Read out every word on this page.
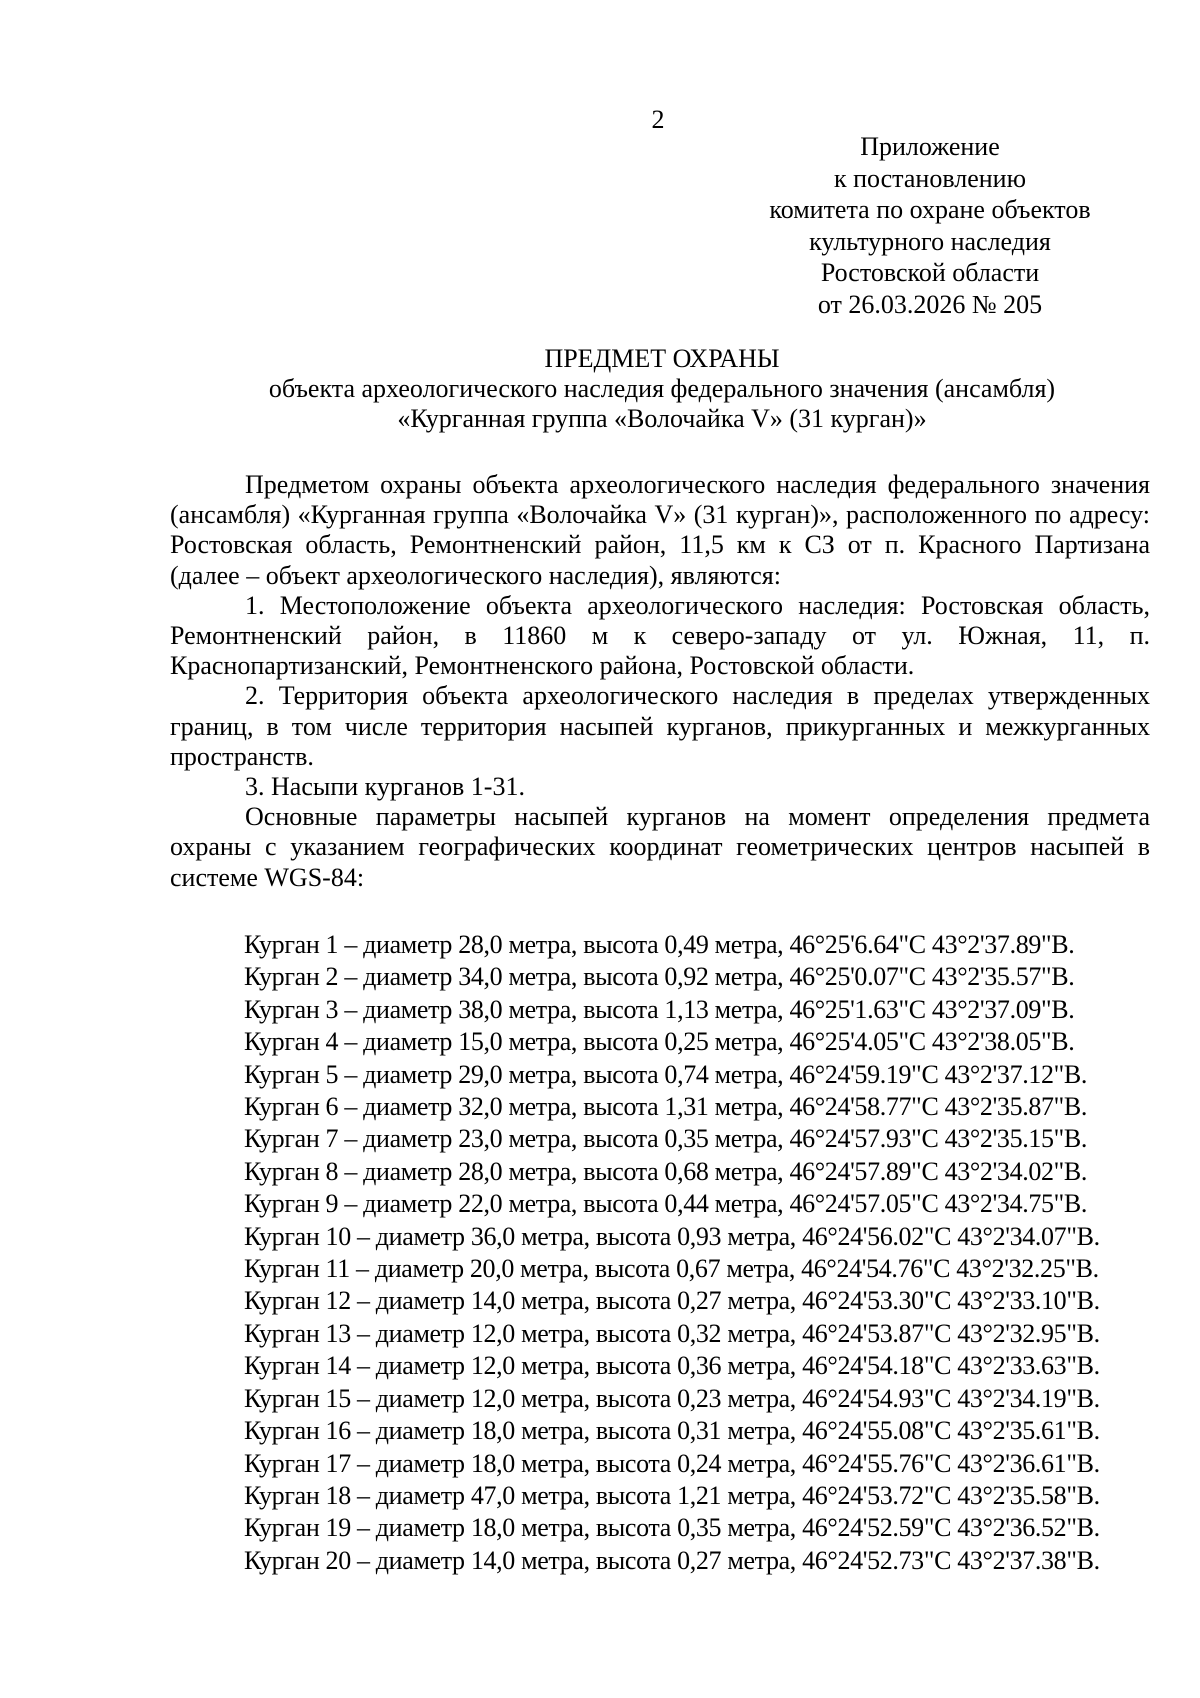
2
Приложение
к постановлению
комитета по охране объектов
культурного наследия
Ростовской области
от 26.03.2026 № 205
ПРЕДМЕТ ОХРАНЫ
объекта археологического наследия федерального значения (ансамбля)
«Курганная группа «Волочайка V» (31 курган)»

Предметом охраны объекта археологического наследия федерального значения (ансамбля) «Курганная группа «Волочайка V» (31 курган)», расположенного по адресу: Ростовская область, Ремонтненский район, 11,5 км к СЗ от п. Красного Партизана (далее – объект археологического наследия), являются:

1. Местоположение объекта археологического наследия: Ростовская область, Ремонтненский район, в 11860 м к северо-западу от ул. Южная, 11, п. Краснопартизанский, Ремонтненского района, Ростовской области.

2. Территория объекта археологического наследия в пределах утвержденных границ, в том числе территория насыпей курганов, прикурганных и межкурганных пространств.

3. Насыпи курганов 1-31.

Основные параметры насыпей курганов на момент определения предмета охраны с указанием географических координат геометрических центров насыпей в системе WGS-84:

Курган 1 – диаметр 28,0 метра, высота 0,49 метра, 46°25'6.64"С 43°2'37.89"В.
Курган 2 – диаметр 34,0 метра, высота 0,92 метра, 46°25'0.07"С 43°2'35.57"В.
Курган 3 – диаметр 38,0 метра, высота 1,13 метра, 46°25'1.63"С 43°2'37.09"В.
Курган 4 – диаметр 15,0 метра, высота 0,25 метра, 46°25'4.05"С 43°2'38.05"В.
Курган 5 – диаметр 29,0 метра, высота 0,74 метра, 46°24'59.19"С 43°2'37.12"В.
Курган 6 – диаметр 32,0 метра, высота 1,31 метра, 46°24'58.77"С 43°2'35.87"В.
Курган 7 – диаметр 23,0 метра, высота 0,35 метра, 46°24'57.93"С 43°2'35.15"В.
Курган 8 – диаметр 28,0 метра, высота 0,68 метра, 46°24'57.89"С 43°2'34.02"В.
Курган 9 – диаметр 22,0 метра, высота 0,44 метра, 46°24'57.05"С 43°2'34.75"В.
Курган 10 – диаметр 36,0 метра, высота 0,93 метра, 46°24'56.02"С 43°2'34.07"В.
Курган 11 – диаметр 20,0 метра, высота 0,67 метра, 46°24'54.76"С 43°2'32.25"В.
Курган 12 – диаметр 14,0 метра, высота 0,27 метра, 46°24'53.30"С 43°2'33.10"В.
Курган 13 – диаметр 12,0 метра, высота 0,32 метра, 46°24'53.87"С 43°2'32.95"В.
Курган 14 – диаметр 12,0 метра, высота 0,36 метра, 46°24'54.18"С 43°2'33.63"В.
Курган 15 – диаметр 12,0 метра, высота 0,23 метра, 46°24'54.93"С 43°2'34.19"В.
Курган 16 – диаметр 18,0 метра, высота 0,31 метра, 46°24'55.08"С 43°2'35.61"В.
Курган 17 – диаметр 18,0 метра, высота 0,24 метра, 46°24'55.76"С 43°2'36.61"В.
Курган 18 – диаметр 47,0 метра, высота 1,21 метра, 46°24'53.72"С 43°2'35.58"В.
Курган 19 – диаметр 18,0 метра, высота 0,35 метра, 46°24'52.59"С 43°2'36.52"В.
Курган 20 – диаметр 14,0 метра, высота 0,27 метра, 46°24'52.73"С 43°2'37.38"В.
